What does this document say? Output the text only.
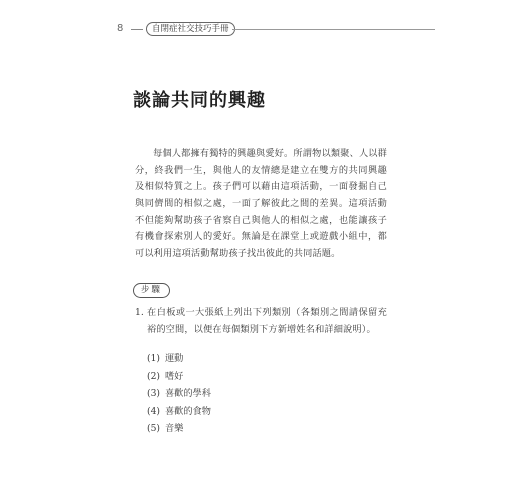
8	自閉症社交技巧手冊
談論共同的興趣

每個人都擁有獨特的興趣與愛好。所謂物以類聚、人以群分，終我們一生，與他人的友情總是建立在雙方的共同興趣及相似特質之上。孩子們可以藉由這項活動，一面發掘自己與同儕間的相似之處，一面了解彼此之間的差異。這項活動不但能夠幫助孩子省察自己與他人的相似之處，也能讓孩子有機會探索別人的愛好。無論是在課堂上或遊戲小組中，都可以利用這項活動幫助孩子找出彼此的共同話題。

步驟
1. 在白板或一大張紙上列出下列類別（各類別之間請保留充裕的空間，以便在每個類別下方新增姓名和詳細說明）。
(1) 運動
(2) 嗜好
(3) 喜歡的學科
(4) 喜歡的食物
(5) 音樂
